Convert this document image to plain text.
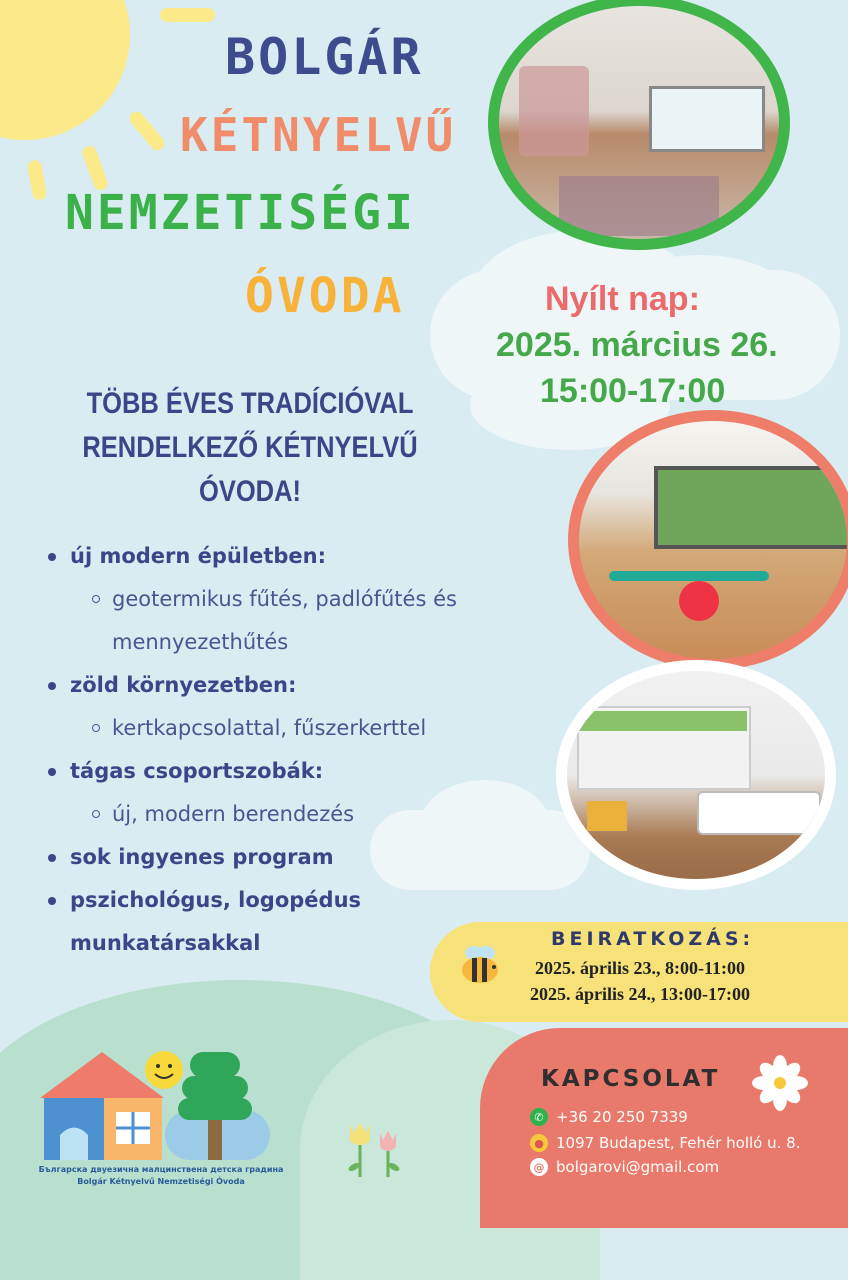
BOLGÁR
KÉTNYELVŰ
NEMZETISÉGI
ÓVODA
TÖBB ÉVES TRADÍCIÓVAL
RENDELKEZŐ KÉTNYELVŰ ÓVODA!
Nyílt nap:
2025. március 26.
15:00-17:00
új modern épületben:
geotermikus fűtés, padlófűtés és
mennyezethűtés
zöld környezetben:
kertkapcsolattal, fűszerkerttel
tágas csoportszobák:
új, modern berendezés
sok ingyenes program
pszichológus, logopédus
munkatársakkal	BEIRATKOZÁS:
2025. április 23., 8:00-11:00
2025. április 24., 13:00-17:00
KAPCSOLAT
✆ +36 20 250 7339
● 1097 Budapest, Fehér holló u. 8.
@ bolgarovi@gmail.com
Българска двуезична малцинствена детска градина
Bolgár Kétnyelvű Nemzetiségi Óvoda
